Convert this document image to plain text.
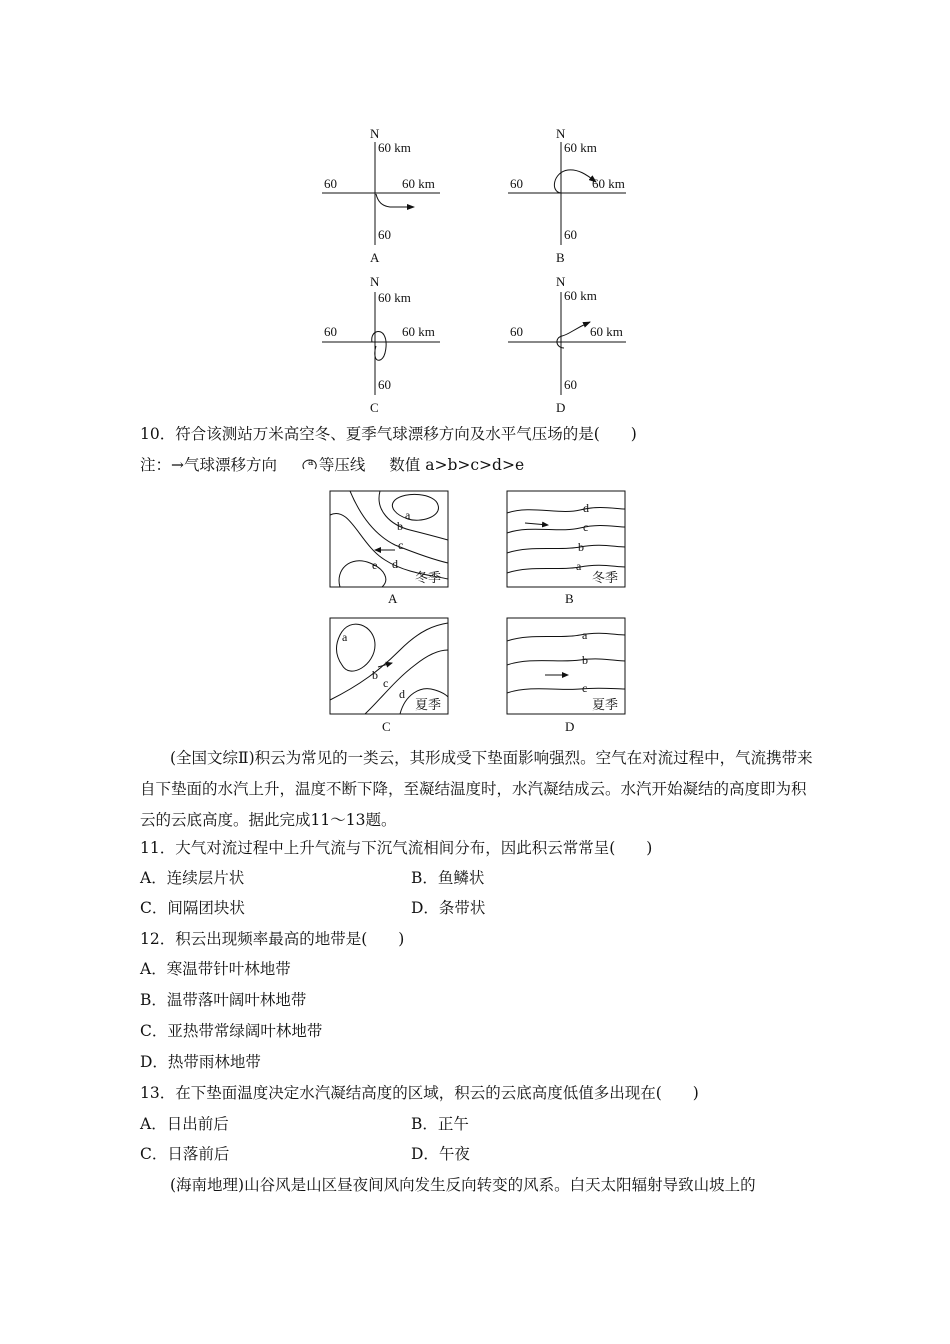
N
60 km
60	60 km
60
A
N
60 km
60	60 km
60
B
N
60 km
60	60 km
60
C
N
60 km
60	60 km
60
D
10．符合该测站万米高空冬、夏季气球漂移方向及水平气压场的是(　　)
注：→气球漂移方向	a 等压线 数值 a>b>c>d>e
a
b
c
d
e
冬季
A
d
c
b
a
冬季
B
a
b
c
d
夏季
C
a
b
c
夏季
D
(全国文综Ⅱ)积云为常见的一类云，其形成受下垫面影响强烈。空气在对流过程中，气流携带来自下垫面的水汽上升，温度不断下降，至凝结温度时，水汽凝结成云。水汽开始凝结的高度即为积云的云底高度。据此完成11～13题。
11．大气对流过程中上升气流与下沉气流相间分布，因此积云常常呈(　　)
A．连续层片状	B．鱼鳞状
C．间隔团块状	D．条带状
12．积云出现频率最高的地带是(　　)
A．寒温带针叶林地带
B．温带落叶阔叶林地带
C．亚热带常绿阔叶林地带
D．热带雨林地带
13．在下垫面温度决定水汽凝结高度的区域，积云的云底高度低值多出现在(　　)
A．日出前后	B．正午
C．日落前后	D．午夜
(海南地理)山谷风是山区昼夜间风向发生反向转变的风系。白天太阳辐射导致山坡上的
